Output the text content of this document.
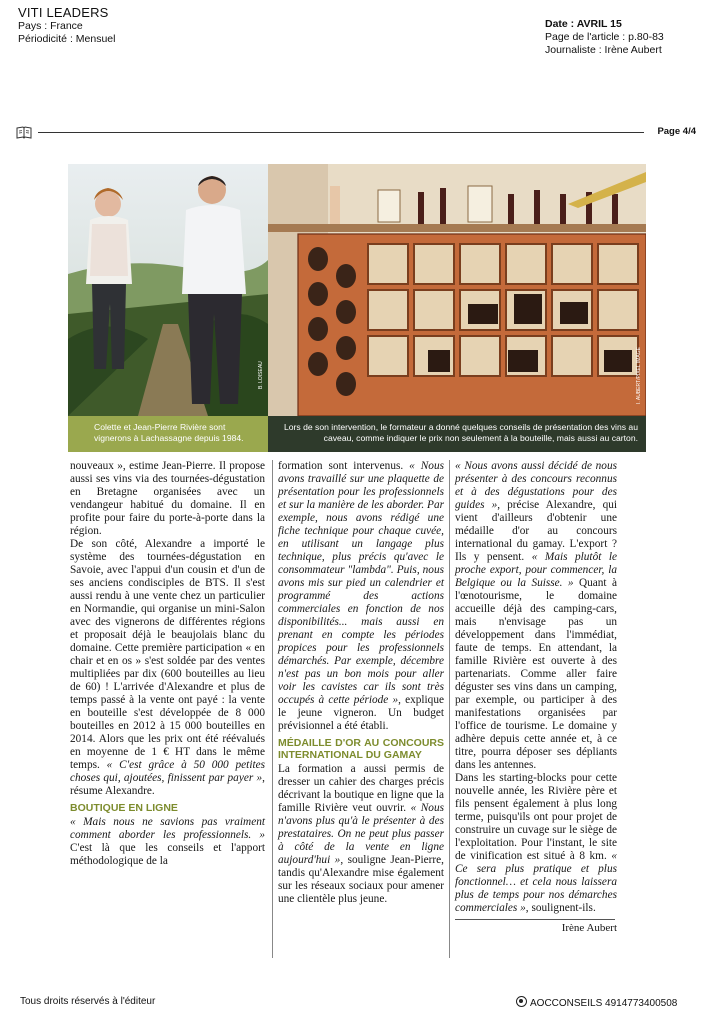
VITI LEADERS
Pays : France
Périodicité : Mensuel
Date : AVRIL 15
Page de l'article : p.80-83
Journaliste : Irène Aubert
Page 4/4
B. LOISEAU	I. AUBERT/PIXEL IMAGE
Colette et Jean-Pierre Rivière sont vignerons à Lachassagne depuis 1984.
Lors de son intervention, le formateur a donné quelques conseils de présentation des vins au caveau, comme indiquer le prix non seulement à la bouteille, mais aussi au carton.

nouveaux », estime Jean-Pierre. Il propose aussi ses vins via des tournées-dégustation en Bretagne organisées avec un vendangeur habitué du domaine. Il en profite pour faire du porte-à-porte dans la région.

De son côté, Alexandre a importé le système des tournées-dégustation en Savoie, avec l'appui d'un cousin et d'un de ses anciens condisciples de BTS. Il s'est aussi rendu à une vente chez un particulier en Normandie, qui organise un mini-Salon avec des vignerons de différentes régions et proposait déjà le beaujolais blanc du domaine. Cette première participation « en chair et en os » s'est soldée par des ventes multipliées par dix (600 bouteilles au lieu de 60) ! L'arrivée d'Alexandre et plus de temps passé à la vente ont payé : la vente en bouteille s'est développée de 8 000 bouteilles en 2012 à 15 000 bouteilles en 2014. Alors que les prix ont été réévalués en moyenne de 1 € HT dans le même temps. « C'est grâce à 50 000 petites choses qui, ajoutées, finissent par payer », résume Alexandre.

BOUTIQUE EN LIGNE

« Mais nous ne savions pas vraiment comment aborder les professionnels. » C'est là que les conseils et l'apport méthodologique de la

formation sont intervenus. « Nous avons travaillé sur une plaquette de présentation pour les professionnels et sur la manière de les aborder. Par exemple, nous avons rédigé une fiche technique pour chaque cuvée, en utilisant un langage plus technique, plus précis qu'avec le consommateur "lambda". Puis, nous avons mis sur pied un calendrier et programmé des actions commerciales en fonction de nos disponibilités... mais aussi en prenant en compte les périodes propices pour les professionnels démarchés. Par exemple, décembre n'est pas un bon mois pour aller voir les cavistes car ils sont très occupés à cette période », explique le jeune vigneron. Un budget prévisionnel a été établi.

MÉDAILLE D'OR AU CONCOURS INTERNATIONAL DU GAMAY

La formation a aussi permis de dresser un cahier des charges précis décrivant la boutique en ligne que la famille Rivière veut ouvrir. « Nous n'avons plus qu'à le présenter à des prestataires. On ne peut plus passer à côté de la vente en ligne aujourd'hui », souligne Jean-Pierre, tandis qu'Alexandre mise également sur les réseaux sociaux pour amener une clientèle plus jeune.

« Nous avons aussi décidé de nous présenter à des concours reconnus et à des dégustations pour des guides », précise Alexandre, qui vient d'ailleurs d'obtenir une médaille d'or au concours international du gamay. L'export ? Ils y pensent. « Mais plutôt le proche export, pour commencer, la Belgique ou la Suisse. » Quant à l'œnotourisme, le domaine accueille déjà des camping-cars, mais n'envisage pas un développement dans l'immédiat, faute de temps. En attendant, la famille Rivière est ouverte à des partenariats. Comme aller faire déguster ses vins dans un camping, par exemple, ou participer à des manifestations organisées par l'office de tourisme. Le domaine y adhère depuis cette année et, à ce titre, pourra déposer ses dépliants dans les antennes.

Dans les starting-blocks pour cette nouvelle année, les Rivière père et fils pensent également à plus long terme, puisqu'ils ont pour projet de construire un cuvage sur le siège de l'exploitation. Pour l'instant, le site de vinification est situé à 8 km. « Ce sera plus pratique et plus fonctionnel… et cela nous laissera plus de temps pour nos démarches commerciales », soulignent-ils.

Irène Aubert

Tous droits réservés à l'éditeur	AOCCONSEILS 4914773400508
